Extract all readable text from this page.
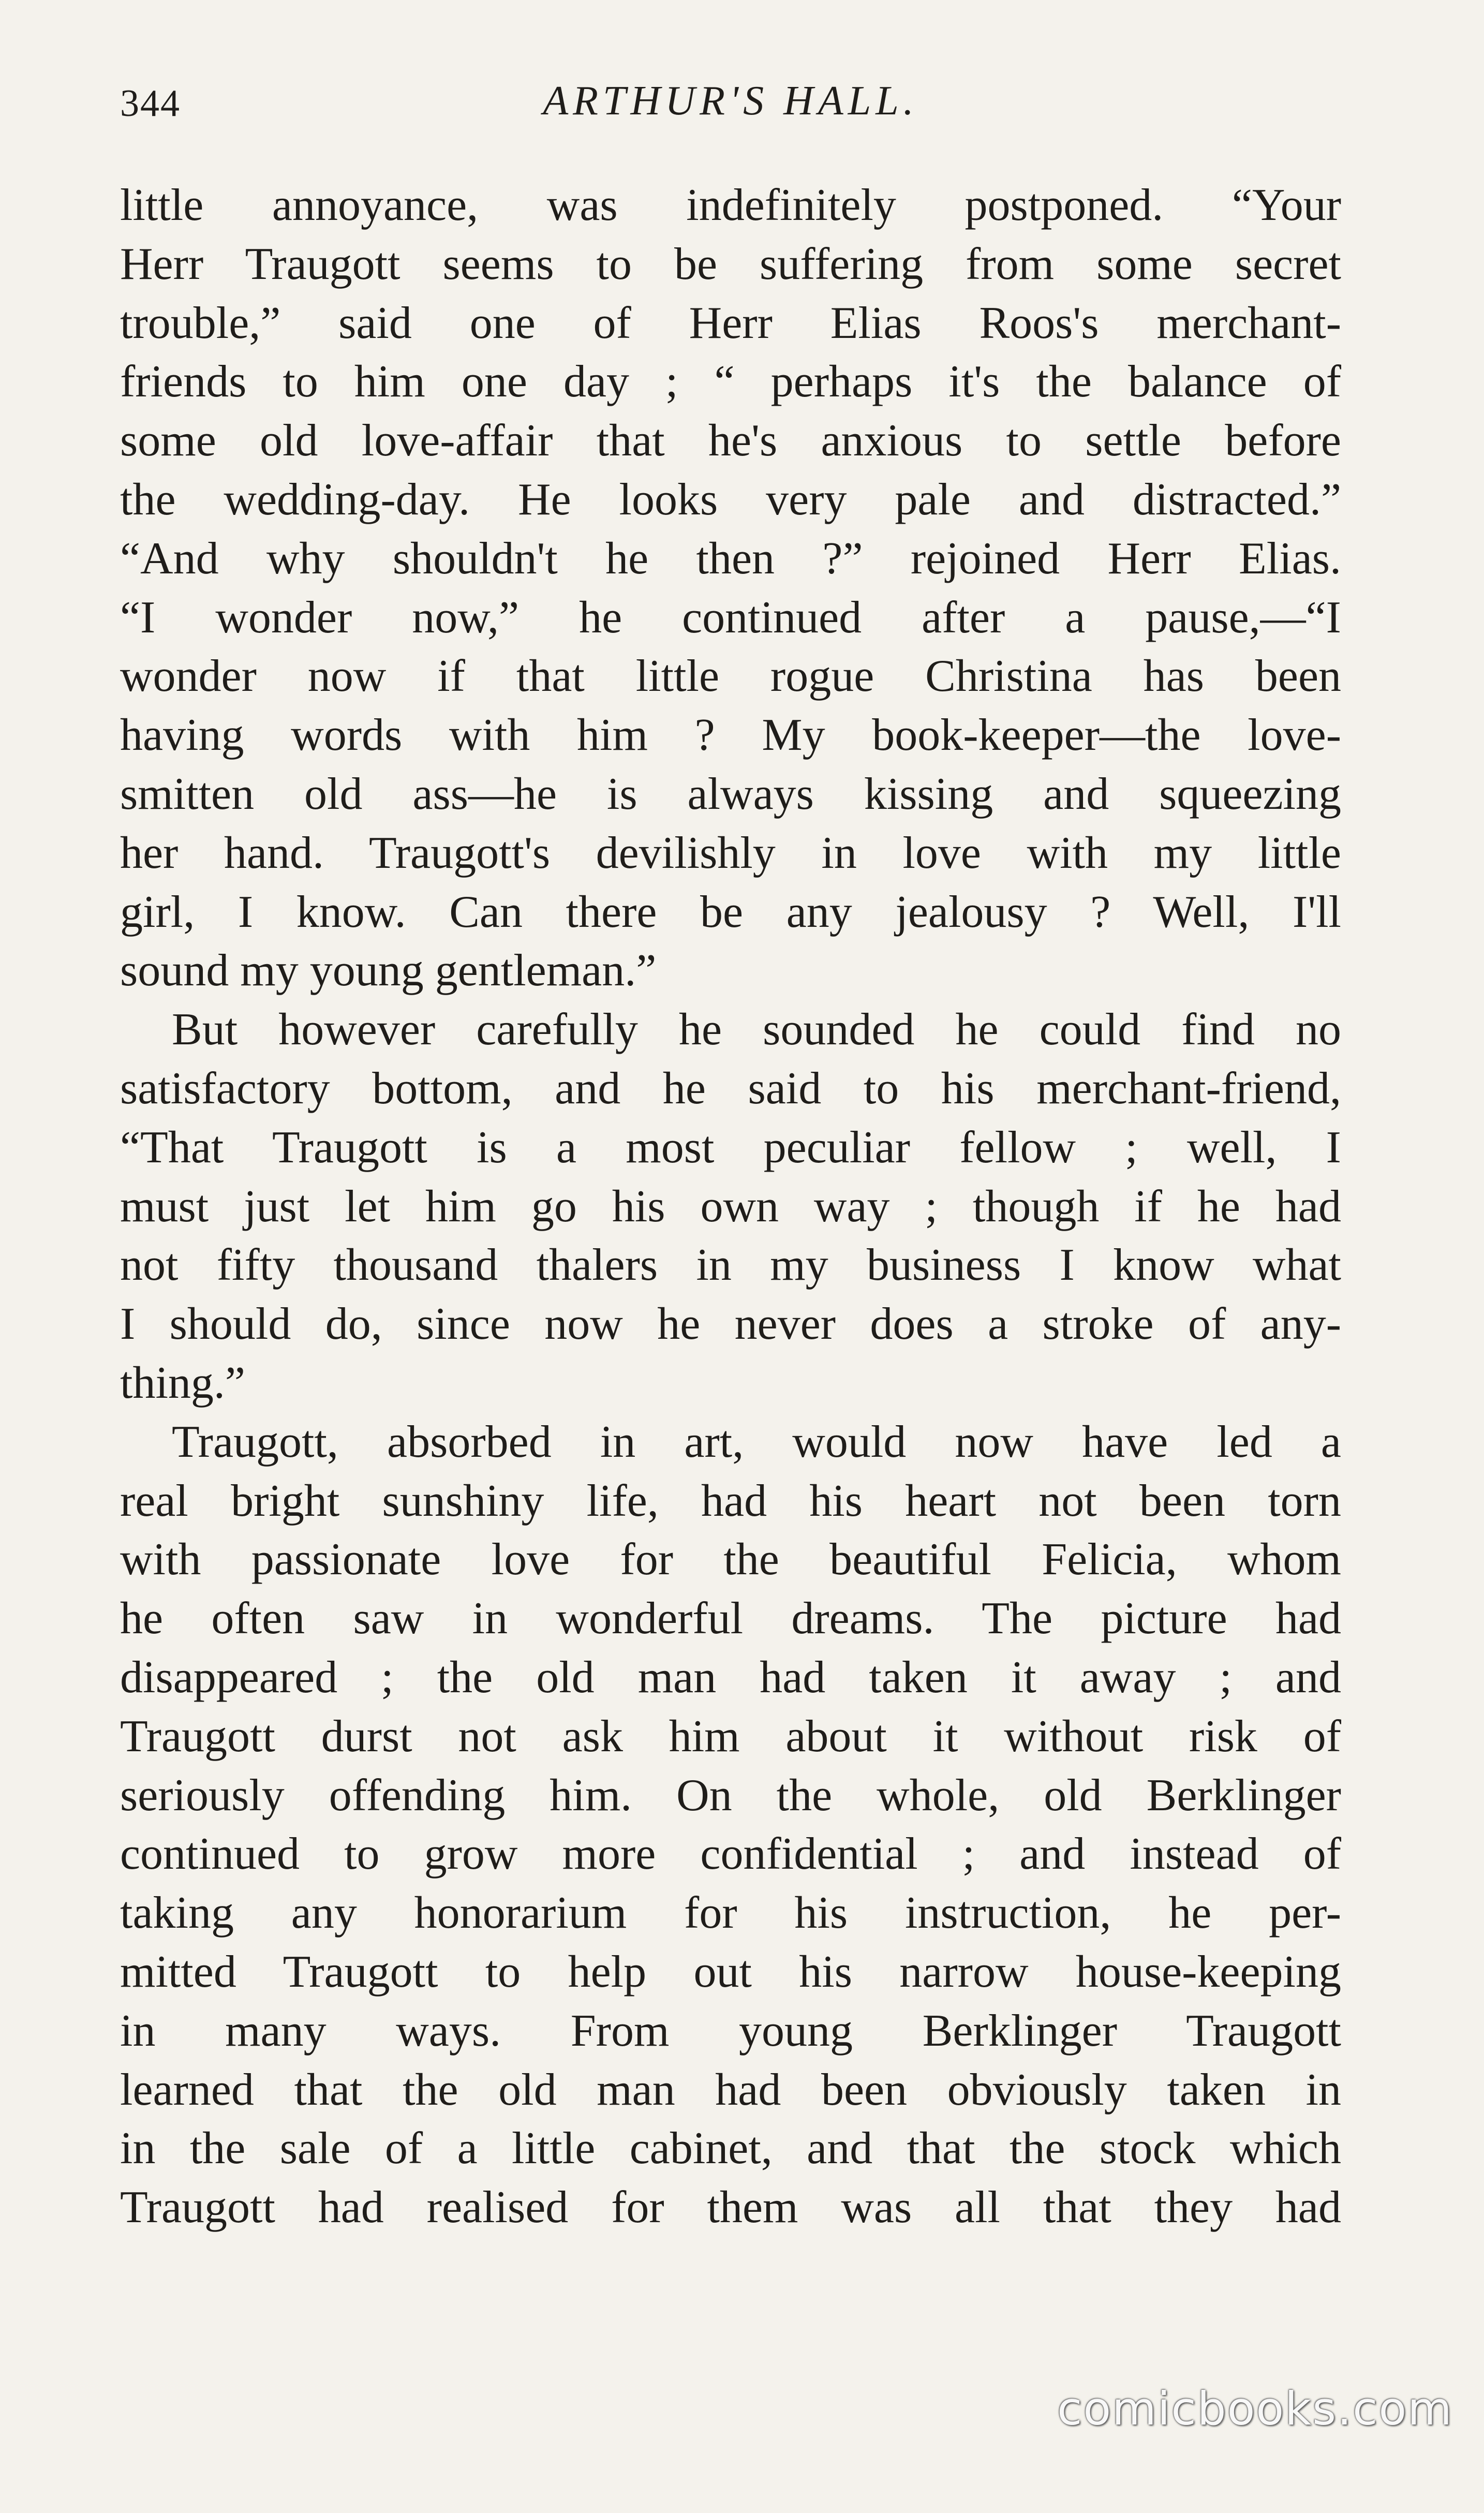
344	ARTHUR'S HALL.
little annoyance, was indefinitely postponed. “Your
Herr Traugott seems to be suffering from some secret
trouble,” said one of Herr Elias Roos's merchant-
friends to him one day ; “ perhaps it's the balance of
some old love-affair that he's anxious to settle before
the wedding-day. He looks very pale and distracted.”
“And why shouldn't he then ?” rejoined Herr Elias.
“I wonder now,” he continued after a pause,—“I
wonder now if that little rogue Christina has been
having words with him ? My book-keeper—the love-
smitten old ass—he is always kissing and squeezing
her hand. Traugott's devilishly in love with my little
girl, I know. Can there be any jealousy ? Well, I'll
sound my young gentleman.”
But however carefully he sounded he could find no
satisfactory bottom, and he said to his merchant-friend,
“That Traugott is a most peculiar fellow ; well, I
must just let him go his own way ; though if he had
not fifty thousand thalers in my business I know what
I should do, since now he never does a stroke of any-
thing.”
Traugott, absorbed in art, would now have led a
real bright sunshiny life, had his heart not been torn
with passionate love for the beautiful Felicia, whom
he often saw in wonderful dreams. The picture had
disappeared ; the old man had taken it away ; and
Traugott durst not ask him about it without risk of
seriously offending him. On the whole, old Berklinger
continued to grow more confidential ; and instead of
taking any honorarium for his instruction, he per-
mitted Traugott to help out his narrow house-keeping
in many ways. From young Berklinger Traugott
learned that the old man had been obviously taken in
in the sale of a little cabinet, and that the stock which
Traugott had realised for them was all that they had
comicbooks.com
